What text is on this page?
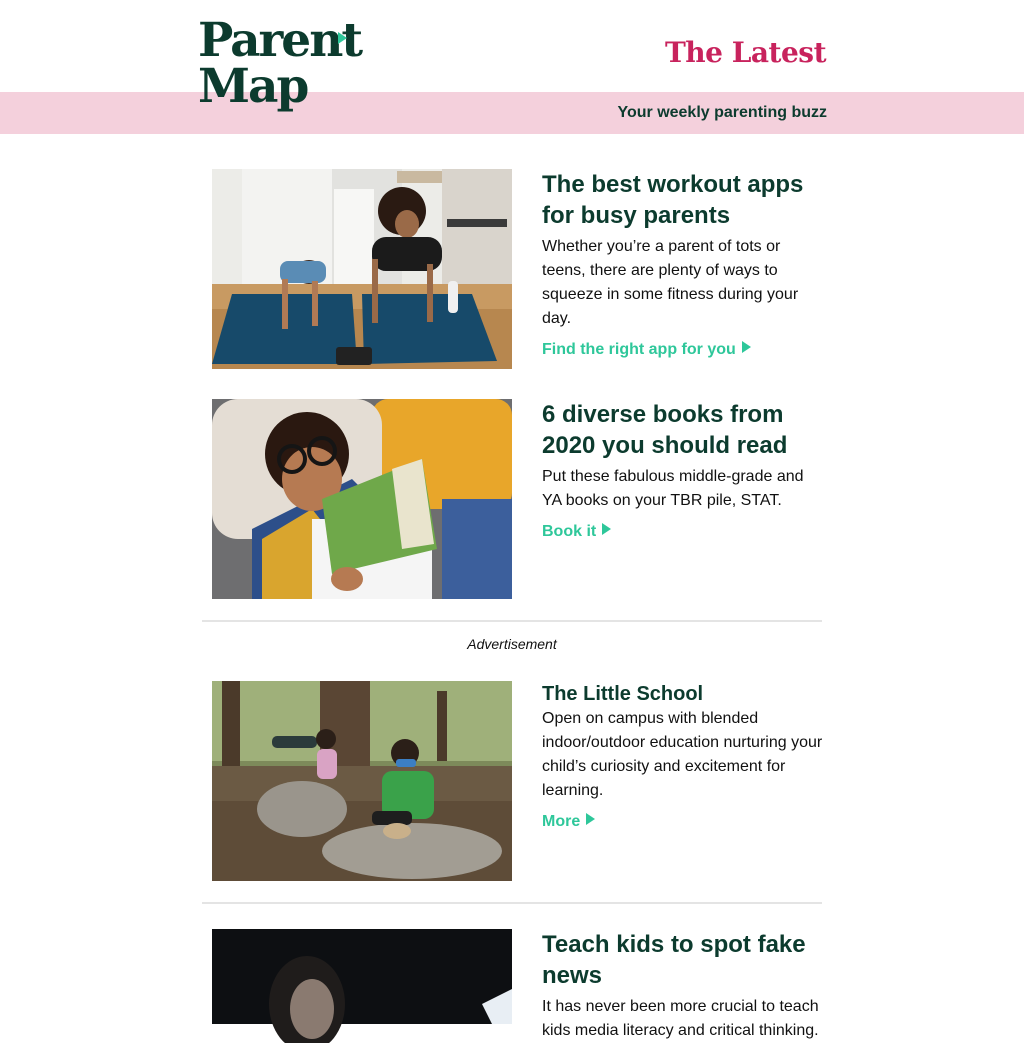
Parent
Map
The Latest
Your weekly parenting buzz
The best workout apps for busy parents
Whether you’re a parent of tots or teens, there are plenty of ways to squeeze in some fitness during your day.
Find the right app for you
6 diverse books from 2020 you should read
Put these fabulous middle-grade and YA books on your TBR pile, STAT.
Book it
Advertisement
The Little School
Open on campus with blended indoor/outdoor education nurturing your child’s curiosity and excitement for learning.
More
Teach kids to spot fake news
It has never been more crucial to teach kids media literacy and critical thinking.
